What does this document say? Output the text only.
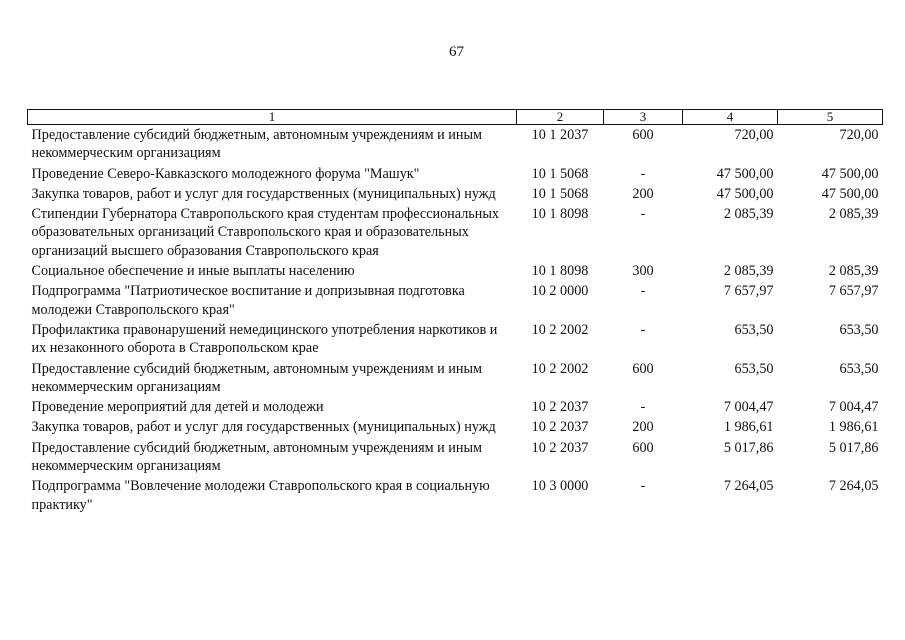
67
1	2	3	4	5
Предоставление субсидий бюджетным, автономным учреждениям и иным некоммерческим организациям	10 1 2037	600	720,00	720,00
Проведение Северо-Кавказского молодежного форума "Машук"	10 1 5068	-	47 500,00	47 500,00
Закупка товаров, работ и услуг для государственных (муниципальных) нужд	10 1 5068	200	47 500,00	47 500,00
Стипендии Губернатора Ставропольского края студентам профессиональных образовательных организаций Ставропольского края и образовательных организаций высшего образования Ставропольского края	10 1 8098	-	2 085,39	2 085,39
Социальное обеспечение и иные выплаты населению	10 1 8098	300	2 085,39	2 085,39
Подпрограмма "Патриотическое воспитание и допризывная подготовка молодежи Ставропольского края"	10 2 0000	-	7 657,97	7 657,97
Профилактика правонарушений немедицинского употребления наркотиков и их незаконного оборота в Ставропольском крае	10 2 2002	-	653,50	653,50
Предоставление субсидий бюджетным, автономным учреждениям и иным некоммерческим организациям	10 2 2002	600	653,50	653,50
Проведение мероприятий для детей и молодежи	10 2 2037	-	7 004,47	7 004,47
Закупка товаров, работ и услуг для государственных (муниципальных) нужд	10 2 2037	200	1 986,61	1 986,61
Предоставление субсидий бюджетным, автономным учреждениям и иным некоммерческим организациям	10 2 2037	600	5 017,86	5 017,86
Подпрограмма "Вовлечение молодежи Ставропольского края в социальную практику"	10 3 0000	-	7 264,05	7 264,05
